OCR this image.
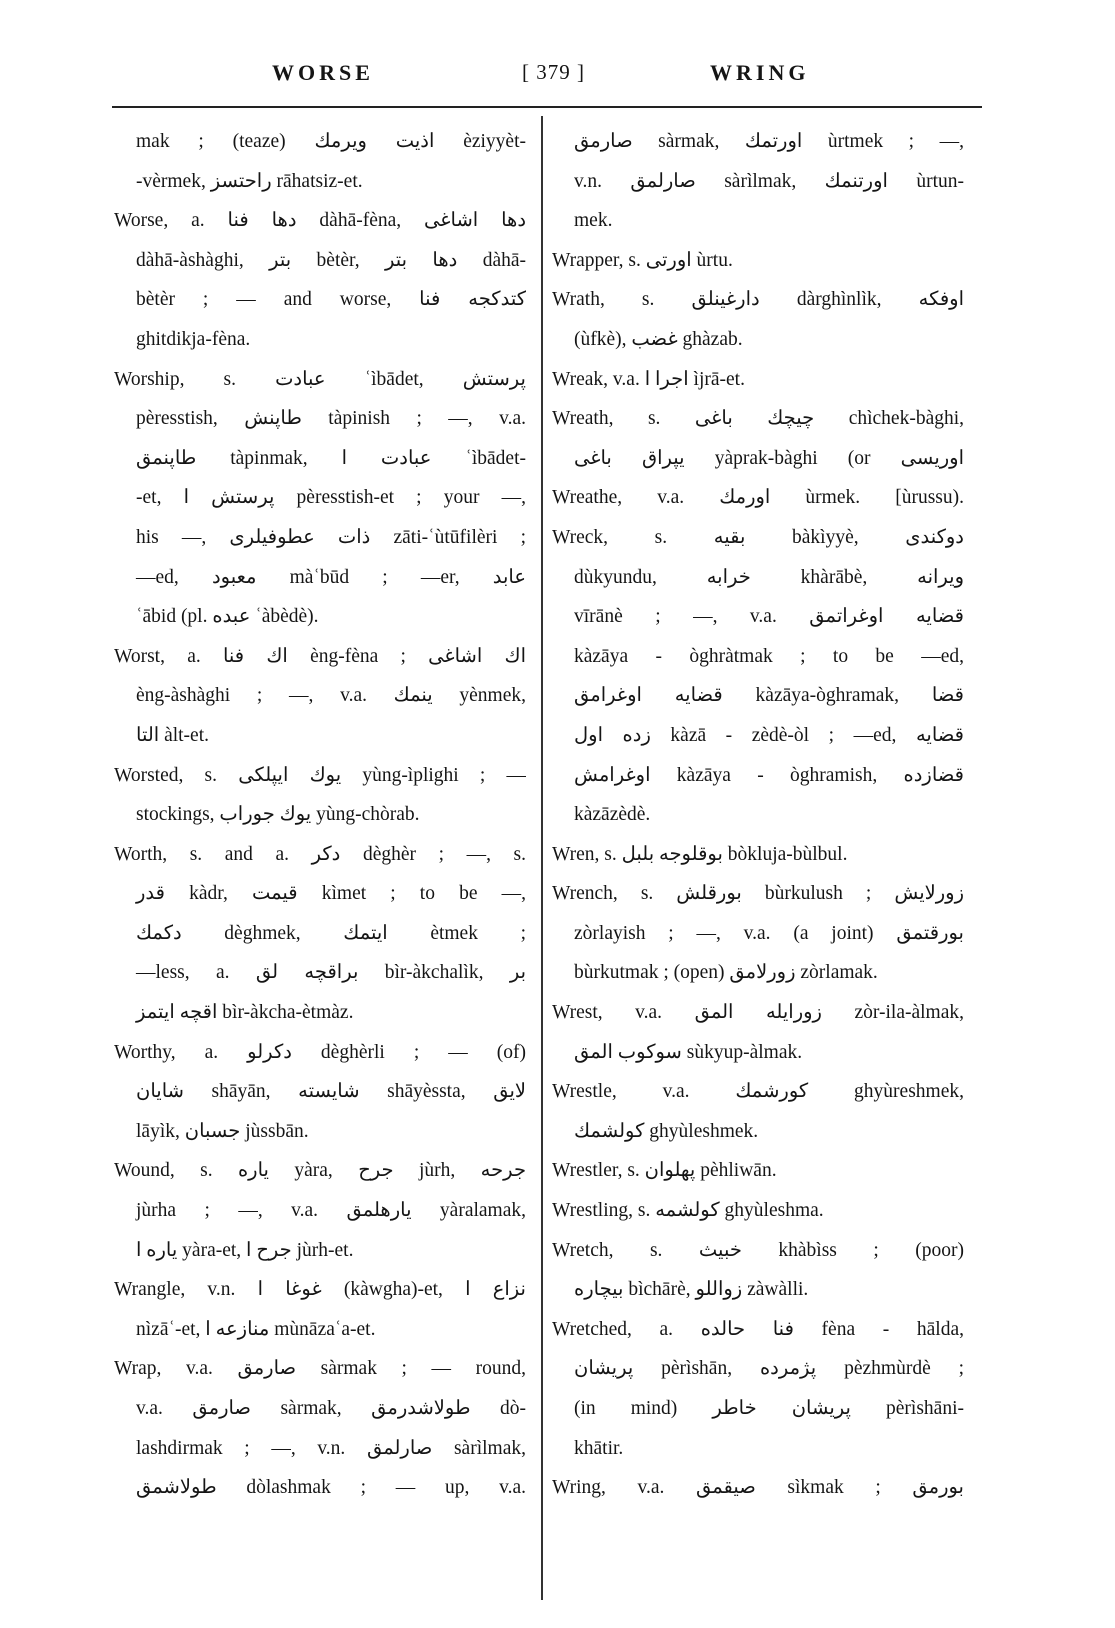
WORSE	[ 379 ]	WRING
mak ; (teaze) اذيت ويرمك èziyyèt-
-vèrmek, راحتسز rāhatsiz-et.
Worse, a. دها فنا dàhā-fèna, دها اشاغى
dàhā-àshàghi, بتر bètèr, دها بتر dàhā-
bètèr ; — and worse, كتدكجه فنا
ghitdikja-fèna.
Worship, s. عبادت ʿìbādet, پرستش
pèresstish, طاپنش tàpinish ; —, v.a.
طاپنمق tàpinmak, عبادت ا ʿìbādet-
-et, پرستش ا pèresstish-et ; your —,
his —, ذات عطوفيلرى zāti-ʿùtūfilèri ;
—ed, معبود màʿbūd ; —er, عابد
ʿābid (pl. عبده ʿàbèdè).
Worst, a. اك فنا èng-fèna ; اك اشاغى
èng-àshàghi ; —, v.a. ينمك yènmek,
التا àlt-et.
Worsted, s. يوك ايپلكى yùng-ìplighi ; —
stockings, يوك جوراب yùng-chòrab.
Worth, s. and a. دكر dèghèr ; —, s.
قدر kàdr, قيمت kìmet ; to be —,
دكمك dèghmek, ايتمك ètmek ;
—less, a. براقچه لق bìr-àkchalìk, بر
اقچه ايتمز bìr-àkcha-ètmàz.
Worthy, a. دكرلو dèghèrli ; — (of)
شايان shāyān, شايسته shāyèssta, لايق
lāyìk, جسبان jùssbān.
Wound, s. ياره yàra, جرح jùrh, جرحه
jùrha ; —, v.a. يارهلمق yàralamak,
ياره ا yàra-et, جرح ا jùrh-et.
Wrangle, v.n. غوغا ا (kàwgha)-et, نزاع ا
nìzāʿ-et, منازعه ا mùnāzaʿa-et.
Wrap, v.a. صارمق sàrmak ; — round,
v.a. صارمق sàrmak, طولاشدرمق dò-
lashdirmak ; —, v.n. صارلمق sàrìlmak,
طولاشمق dòlashmak ; — up, v.a.
صارمق sàrmak, اورتمك ùrtmek ; —,
v.n. صارلمق sàrìlmak, اورتنمك ùrtun-
mek.
Wrapper, s. اورتى ùrtu.
Wrath, s. دارغينلق dàrghìnlìk, اوفكه
(ùfkè), غضب ghàzab.
Wreak, v.a. اجرا ا ìjrā-et.
Wreath, s. چيچك باغى chìchek-bàghi,
يپراق باغى yàprak-bàghi (or اوريسى
Wreathe, v.a. اورمك ùrmek. [ùrussu).
Wreck, s. بقيه bàkìyyè, دوكندى
dùkyundu, خرابه khàrābè, ويرانه
vīrānè ; —, v.a. قضايه اوغراتمق
kàzāya - òghràtmak ; to be —ed,
قضايه اوغرامق kàzāya-òghramak, قضا
زده اول kàzā - zèdè-òl ; —ed, قضايه
اوغرامش kàzāya - òghramish, قضازده
kàzāzèdè.
Wren, s. بوقلوجه بلبل bòkluja-bùlbul.
Wrench, s. بورقلش bùrkulush ; زورلايش
zòrlayish ; —, v.a. (a joint) بورقتمق
bùrkutmak ; (open) زورلامق zòrlamak.
Wrest, v.a. زورايله المق zòr-ila-àlmak,
سوكوب المق sùkyup-àlmak.
Wrestle, v.a. كورشمك ghyùreshmek,
كولشمك ghyùleshmek.
Wrestler, s. پهلوان pèhliwān.
Wrestling, s. كولشمه ghyùleshma.
Wretch, s. خبيث khàbìss ; (poor)
بيچاره bìchārè, زواللو zàwàlli.
Wretched, a. فنا حالده fèna - hālda,
پريشان pèrìshān, پژمرده pèzhmùrdè ;
(in mind) پريشان خاطر pèrìshāni-
khātir.
Wring, v.a. صيقمق sìkmak ; بورمق
